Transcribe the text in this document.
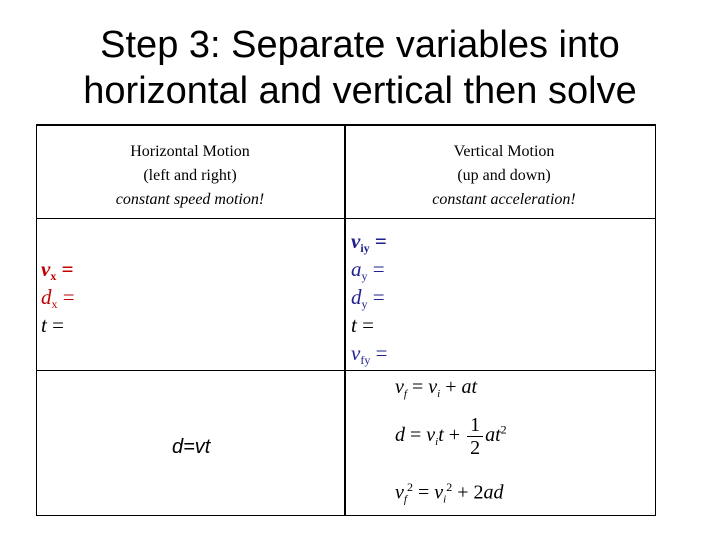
Step 3: Separate variables into
horizontal and vertical then solve
Horizontal Motion
(left and right)
constant speed motion!
Vertical Motion
(up and down)
constant acceleration!
$v_x$ =
$d_x$ =
t =
$v_{iy}$ =
$a_y$ =
$d_y$ =
t =
$v_{fy}$ =
d=vt
$v_f = v_i$ + at
$d = v_it + \frac{1}{2} at^2$
$v_f^2 = v_i^2 + 2ad$
